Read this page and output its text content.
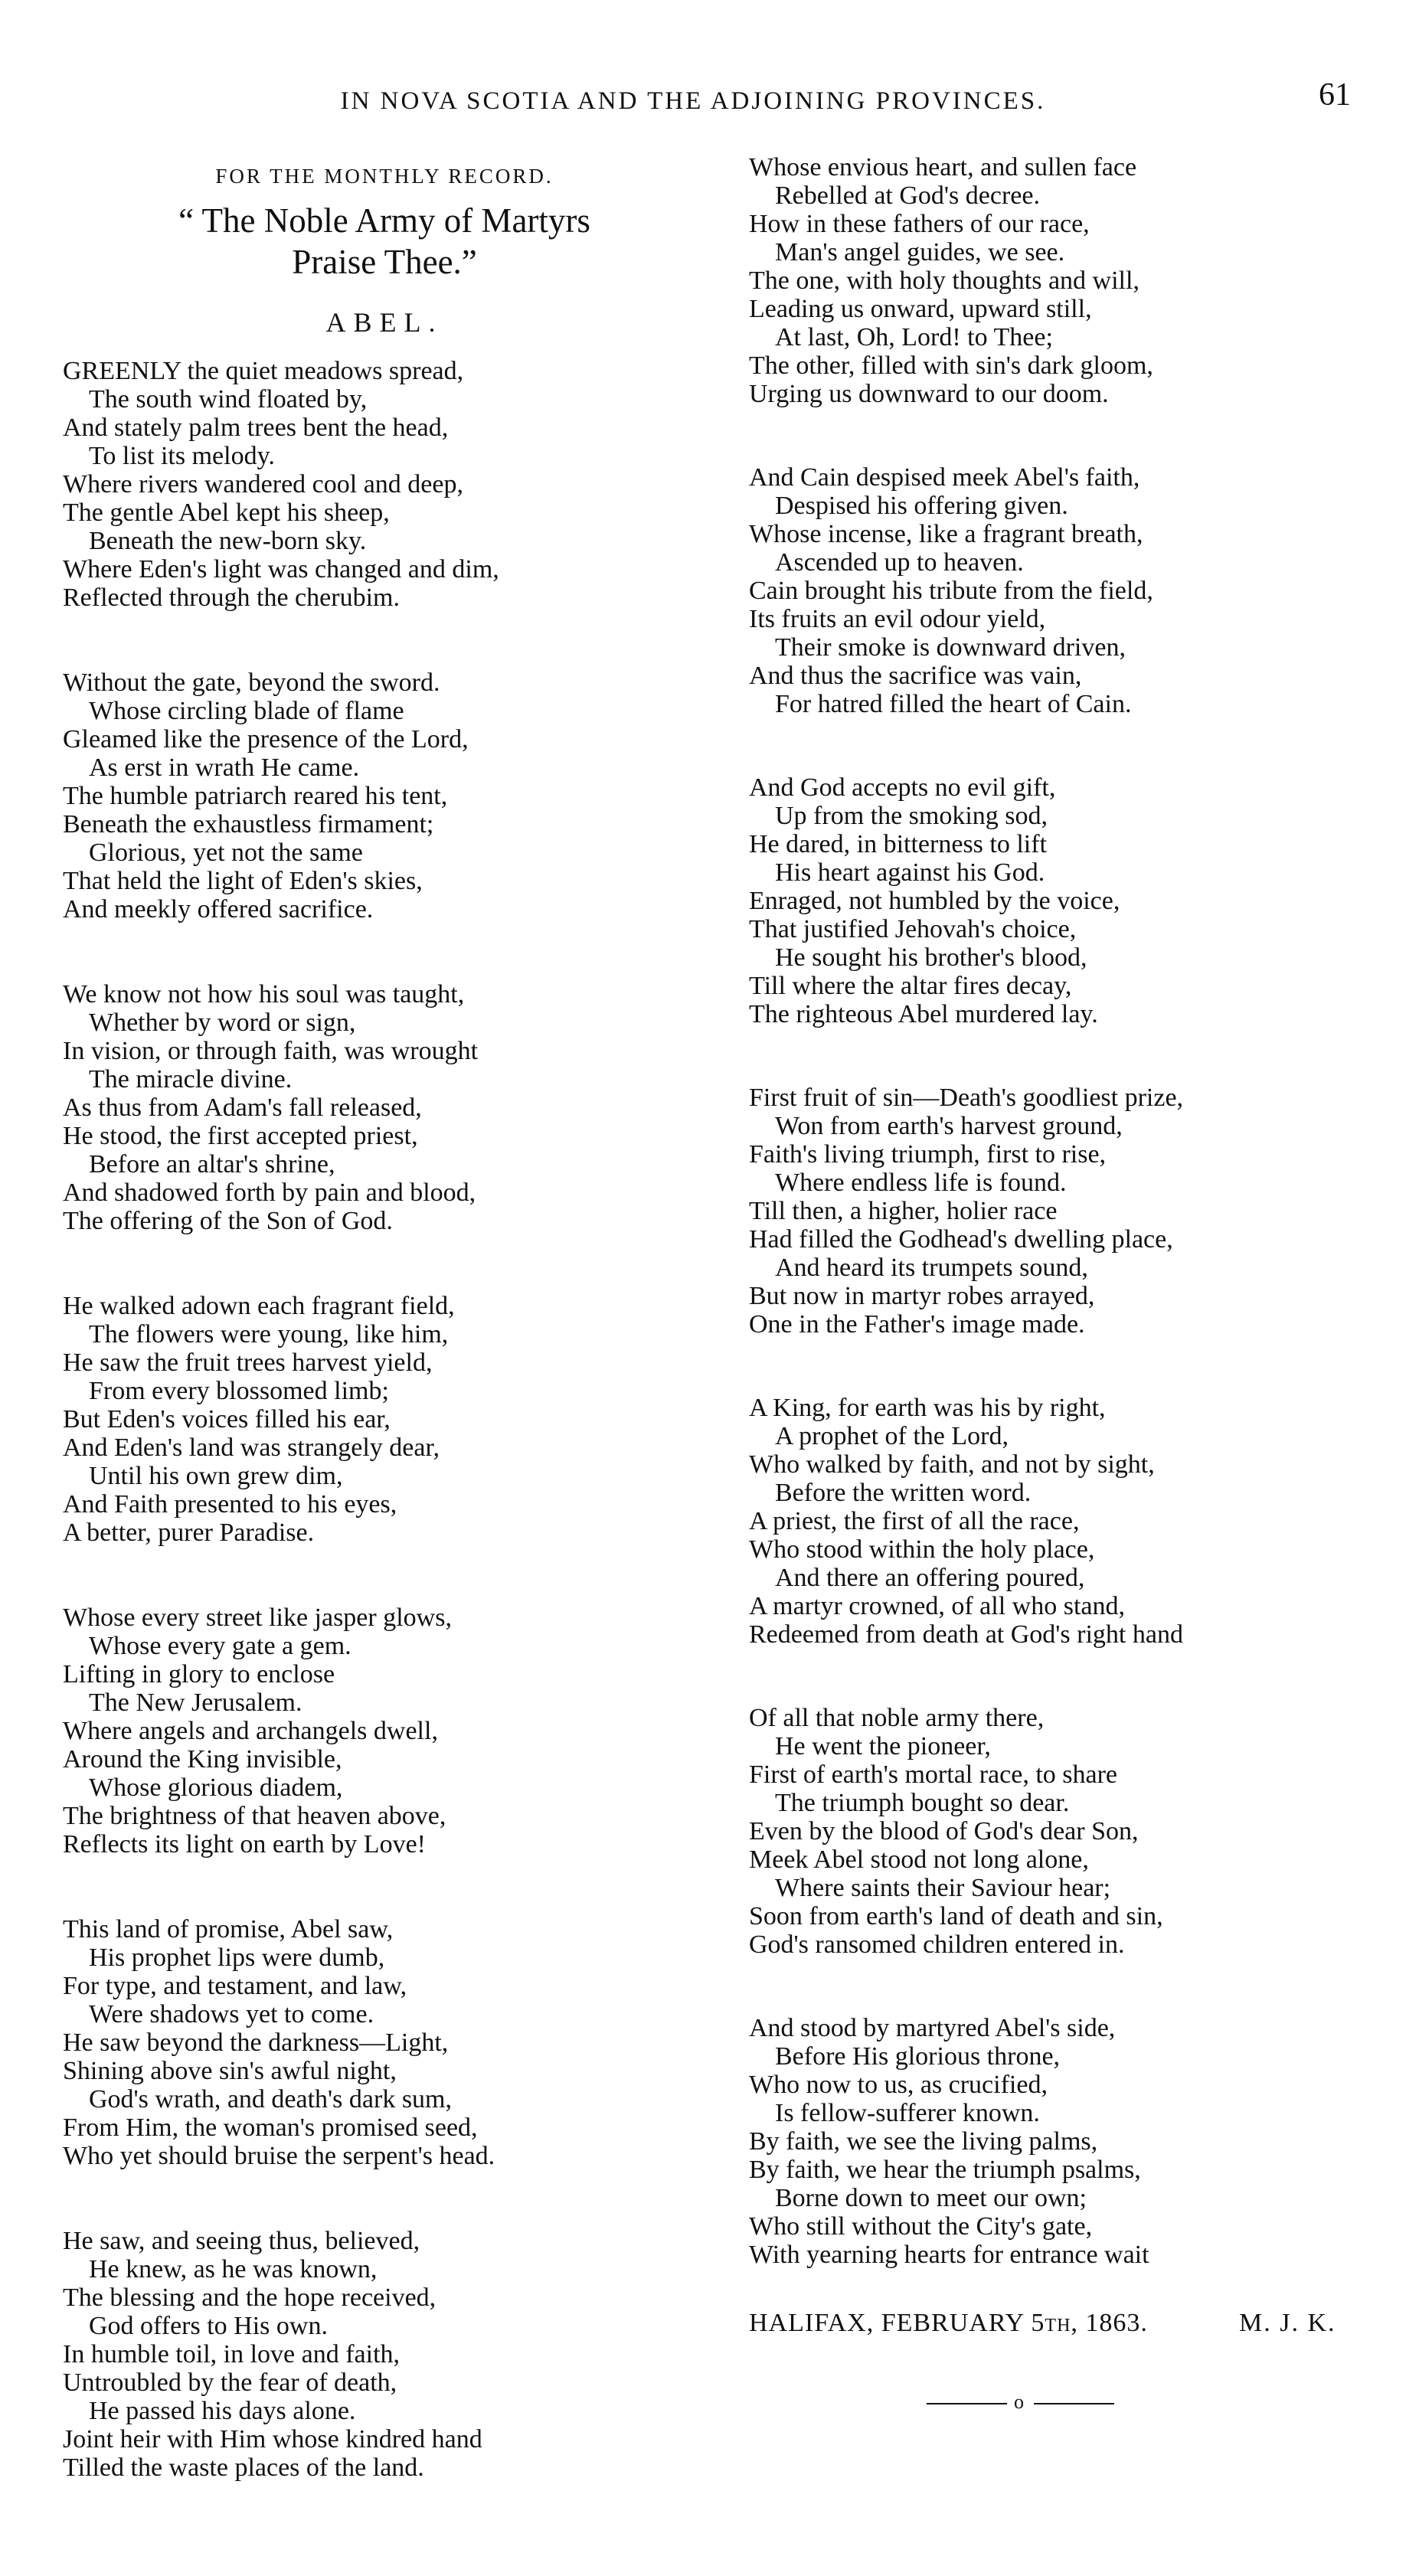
IN NOVA SCOTIA AND THE ADJOINING PROVINCES.	61
FOR THE MONTHLY RECORD.
“ The Noble Army of Martyrs
Praise Thee.”
ABEL.
GREENLY the quiet meadows spread,
The south wind floated by,
And stately palm trees bent the head,
To list its melody.
Where rivers wandered cool and deep,
The gentle Abel kept his sheep,
Beneath the new-born sky.
Where Eden's light was changed and dim,
Reflected through the cherubim.
Without the gate, beyond the sword.
Whose circling blade of flame
Gleamed like the presence of the Lord,
As erst in wrath He came.
The humble patriarch reared his tent,
Beneath the exhaustless firmament;
Glorious, yet not the same
That held the light of Eden's skies,
And meekly offered sacrifice.
We know not how his soul was taught,
Whether by word or sign,
In vision, or through faith, was wrought
The miracle divine.
As thus from Adam's fall released,
He stood, the first accepted priest,
Before an altar's shrine,
And shadowed forth by pain and blood,
The offering of the Son of God.
He walked adown each fragrant field,
The flowers were young, like him,
He saw the fruit trees harvest yield,
From every blossomed limb;
But Eden's voices filled his ear,
And Eden's land was strangely dear,
Until his own grew dim,
And Faith presented to his eyes,
A better, purer Paradise.
Whose every street like jasper glows,
Whose every gate a gem.
Lifting in glory to enclose
The New Jerusalem.
Where angels and archangels dwell,
Around the King invisible,
Whose glorious diadem,
The brightness of that heaven above,
Reflects its light on earth by Love!
This land of promise, Abel saw,
His prophet lips were dumb,
For type, and testament, and law,
Were shadows yet to come.
He saw beyond the darkness—Light,
Shining above sin's awful night,
God's wrath, and death's dark sum,
From Him, the woman's promised seed,
Who yet should bruise the serpent's head.
He saw, and seeing thus, believed,
He knew, as he was known,
The blessing and the hope received,
God offers to His own.
In humble toil, in love and faith,
Untroubled by the fear of death,
He passed his days alone.
Joint heir with Him whose kindred hand
Tilled the waste places of the land.
Whose envious heart, and sullen face
Rebelled at God's decree.
How in these fathers of our race,
Man's angel guides, we see.
The one, with holy thoughts and will,
Leading us onward, upward still,
At last, Oh, Lord! to Thee;
The other, filled with sin's dark gloom,
Urging us downward to our doom.
And Cain despised meek Abel's faith,
Despised his offering given.
Whose incense, like a fragrant breath,
Ascended up to heaven.
Cain brought his tribute from the field,
Its fruits an evil odour yield,
Their smoke is downward driven,
And thus the sacrifice was vain,
For hatred filled the heart of Cain.
And God accepts no evil gift,
Up from the smoking sod,
He dared, in bitterness to lift
His heart against his God.
Enraged, not humbled by the voice,
That justified Jehovah's choice,
He sought his brother's blood,
Till where the altar fires decay,
The righteous Abel murdered lay.
First fruit of sin—Death's goodliest prize,
Won from earth's harvest ground,
Faith's living triumph, first to rise,
Where endless life is found.
Till then, a higher, holier race
Had filled the Godhead's dwelling place,
And heard its trumpets sound,
But now in martyr robes arrayed,
One in the Father's image made.
A King, for earth was his by right,
A prophet of the Lord,
Who walked by faith, and not by sight,
Before the written word.
A priest, the first of all the race,
Who stood within the holy place,
And there an offering poured,
A martyr crowned, of all who stand,
Redeemed from death at God's right hand
Of all that noble army there,
He went the pioneer,
First of earth's mortal race, to share
The triumph bought so dear.
Even by the blood of God's dear Son,
Meek Abel stood not long alone,
Where saints their Saviour hear;
Soon from earth's land of death and sin,
God's ransomed children entered in.
And stood by martyred Abel's side,
Before His glorious throne,
Who now to us, as crucified,
Is fellow-sufferer known.
By faith, we see the living palms,
By faith, we hear the triumph psalms,
Borne down to meet our own;
Who still without the City's gate,
With yearning hearts for entrance wait
HALIFAX, FEBRUARY 5th, 1863.	M. J. K.
o
